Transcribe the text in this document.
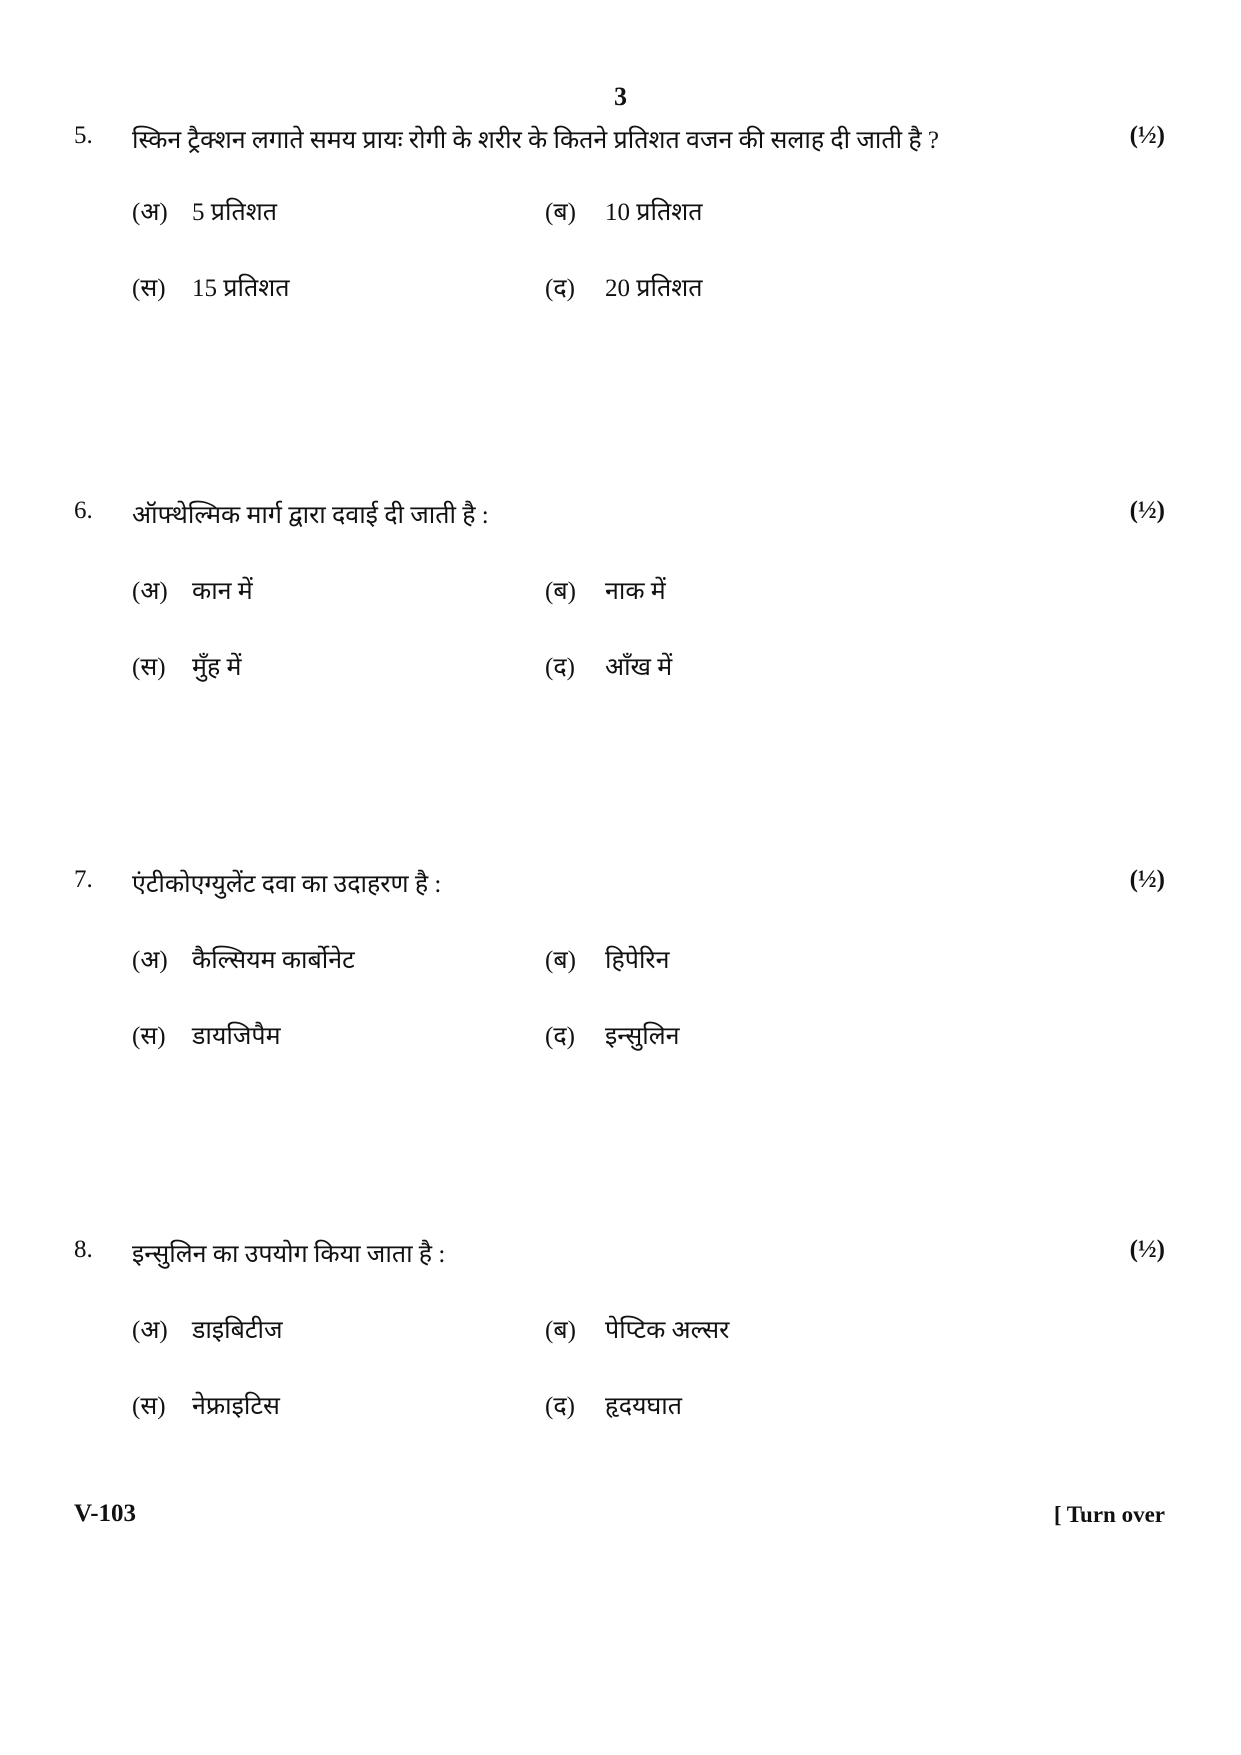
3
5. स्किन ट्रैक्शन लगाते समय प्रायः रोगी के शरीर के कितने प्रतिशत वजन की सलाह दी जाती है ?	(½)
(अ) 5 प्रतिशत	(ब) 10 प्रतिशत
(स) 15 प्रतिशत	(द) 20 प्रतिशत
6. ऑफ्थेल्मिक मार्ग द्वारा दवाई दी जाती है :	(½)
(अ) कान में	(ब) नाक में
(स) मुँह में	(द) आँख में
7. एंटीकोएग्युलेंट दवा का उदाहरण है :	(½)
(अ) कैल्सियम कार्बोनेट	(ब) हिपेरिन
(स) डायजिपैम	(द) इन्सुलिन
8. इन्सुलिन का उपयोग किया जाता है :	(½)
(अ) डाइबिटीज	(ब) पेप्टिक अल्सर
(स) नेफ्राइटिस	(द) हृदयघात
V-103	[ Turn over
